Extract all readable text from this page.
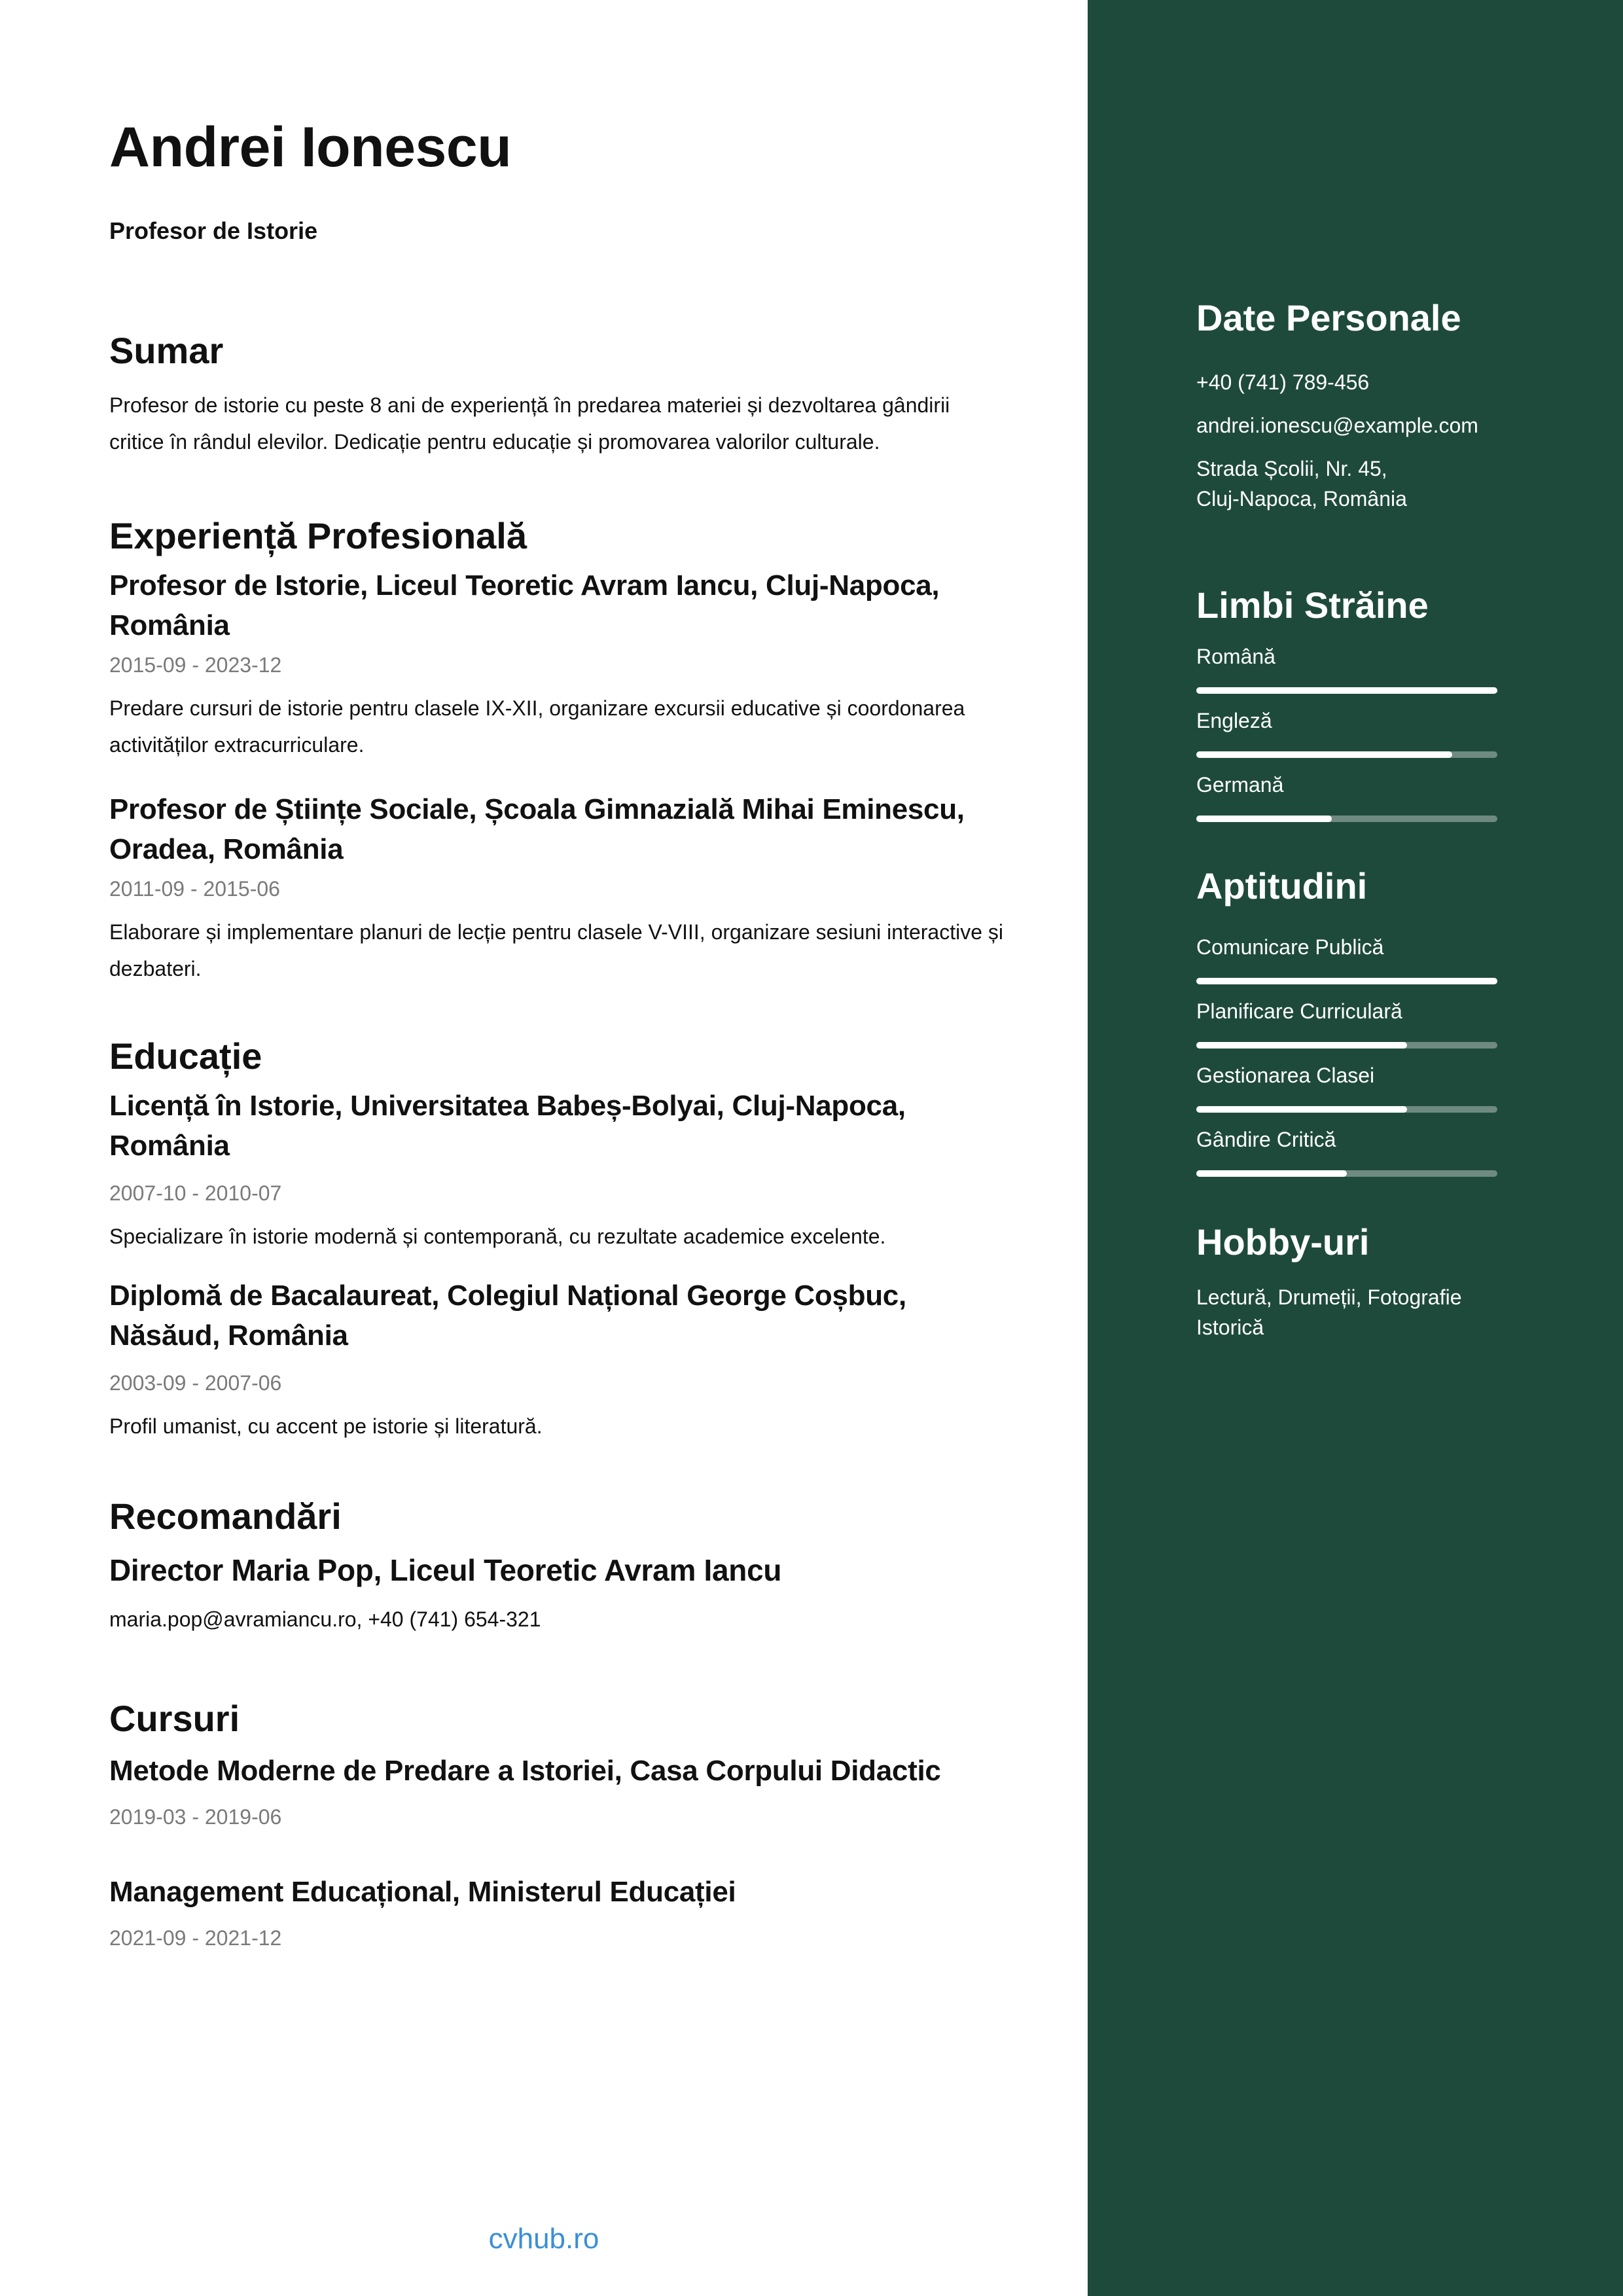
Andrei Ionescu
Profesor de Istorie
Sumar

Profesor de istorie cu peste 8 ani de experiență în predarea materiei și dezvoltarea gândirii critice în rândul elevilor. Dedicație pentru educație și promovarea valorilor culturale.

Experiență Profesională
Profesor de Istorie, Liceul Teoretic Avram Iancu, Cluj-Napoca, România
2015-09 - 2023-12

Predare cursuri de istorie pentru clasele IX-XII, organizare excursii educative și coordonarea activităților extracurriculare.

Profesor de Științe Sociale, Școala Gimnazială Mihai Eminescu, Oradea, România
2011-09 - 2015-06

Elaborare și implementare planuri de lecție pentru clasele V-VIII, organizare sesiuni interactive și dezbateri.

Educație
Licență în Istorie, Universitatea Babeș-Bolyai, Cluj-Napoca, România
2007-10 - 2010-07

Specializare în istorie modernă și contemporană, cu rezultate academice excelente.

Diplomă de Bacalaureat, Colegiul Național George Coșbuc, Năsăud, România
2003-09 - 2007-06

Profil umanist, cu accent pe istorie și literatură.

Recomandări
Director Maria Pop, Liceul Teoretic Avram Iancu

maria.pop@avramiancu.ro, +40 (741) 654-321

Cursuri
Metode Moderne de Predare a Istoriei, Casa Corpului Didactic
2019-03 - 2019-06
Management Educațional, Ministerul Educației
2021-09 - 2021-12
cvhub.ro
Date Personale

+40 (741) 789-456

andrei.ionescu@example.com

Strada Școlii, Nr. 45,

Cluj-Napoca, România

Limbi Străine

Română

Engleză

Germană

Aptitudini

Comunicare Publică

Planificare Curriculară

Gestionarea Clasei

Gândire Critică

Hobby-uri

Lectură, Drumeții, Fotografie Istorică
